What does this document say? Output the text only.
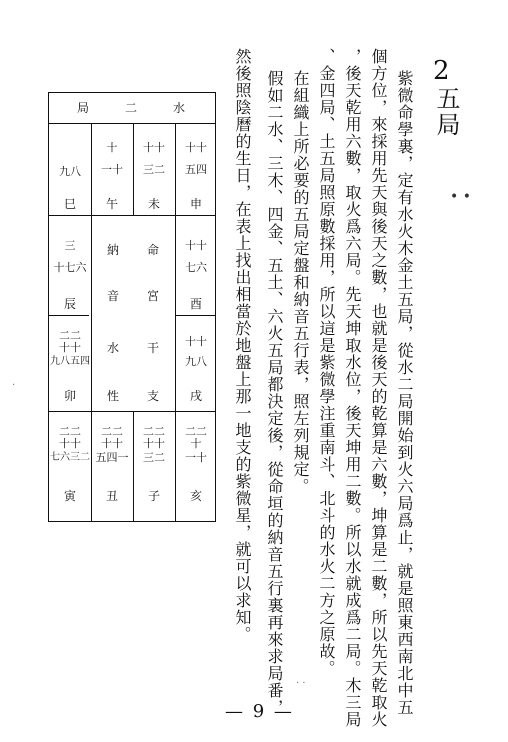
2
五局
• •
紫微命學裏，定有水火木金土五局，從水二局開始到火六局爲止，就是照東西南北中五
個方位，來採用先天與後天之數，也就是後天的乾算是六數，坤算是二數，所以先天乾取火
，後天乾用六數，取火爲六局。先天坤取水位，後天坤用二數。所以水就成爲二局。木三局
、金四局、土五局照原數採用，所以這是紫微學注重南斗、北斗的水火二方之原故。
在組織上所必要的五局定盤和納音五行表，照左列規定。
假如二水、三木、四金、五土、六火五局都決定後，從命垣的納音五行裏再來求局番，
然後照陰曆的生日，在表上找出相當於地盤上那一地支的紫微星，就可以求知。
· ·
·
— 9 —
局	二	水
九八
巳
十
一十
午
十十
三二
未
十十
五四
申
三
十七六
辰
二二
十十
九八五四
卯
納 命
音 宮
水 干
性 支
十十
七六
酉
十十
九八
戌
二二
十十
七六三二
寅
二二
十十
五四一
丑
二二
十十
三二
子
二二
十
一十
亥
